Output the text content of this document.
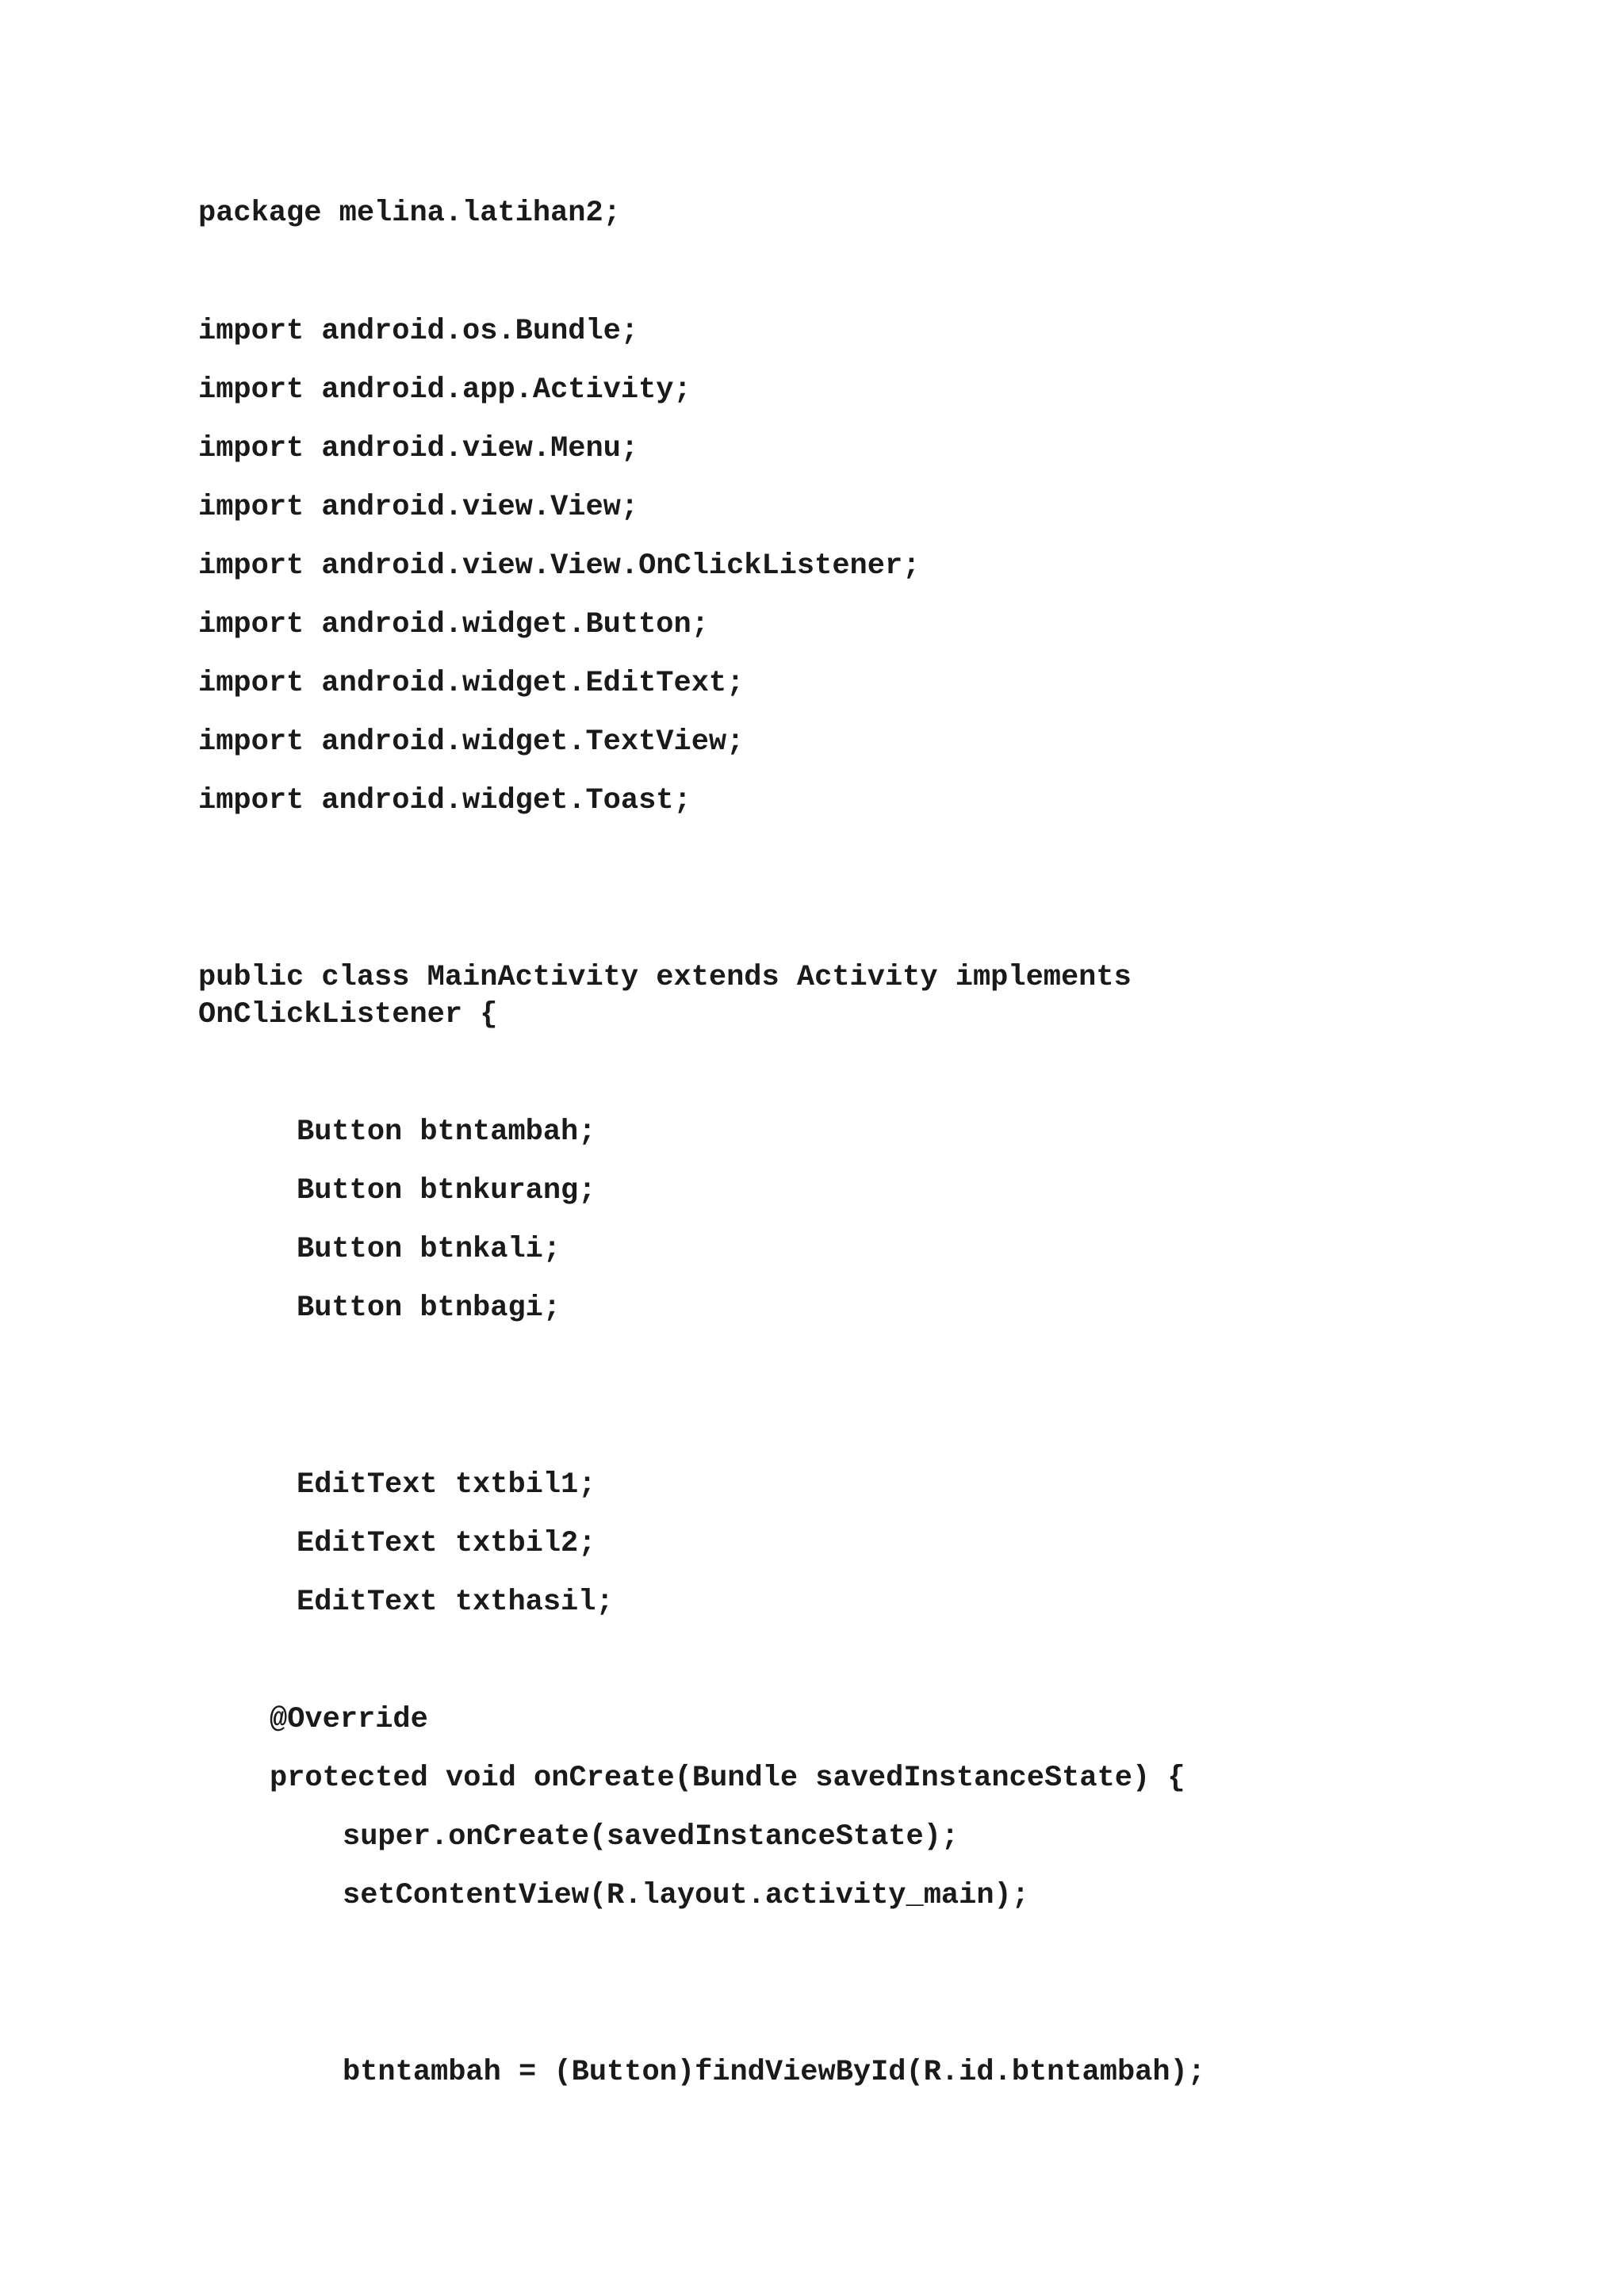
package melina.latihan2;

import android.os.Bundle;

import android.app.Activity;

import android.view.Menu;

import android.view.View;

import android.view.View.OnClickListener;

import android.widget.Button;

import android.widget.EditText;

import android.widget.TextView;

import android.widget.Toast;

public class MainActivity extends Activity implements

OnClickListener {

Button btntambah;

Button btnkurang;

Button btnkali;

Button btnbagi;

EditText txtbil1;

EditText txtbil2;

EditText txthasil;

@Override

protected void onCreate(Bundle savedInstanceState) {

super.onCreate(savedInstanceState);

setContentView(R.layout.activity_main);

btntambah = (Button)findViewById(R.id.btntambah);
